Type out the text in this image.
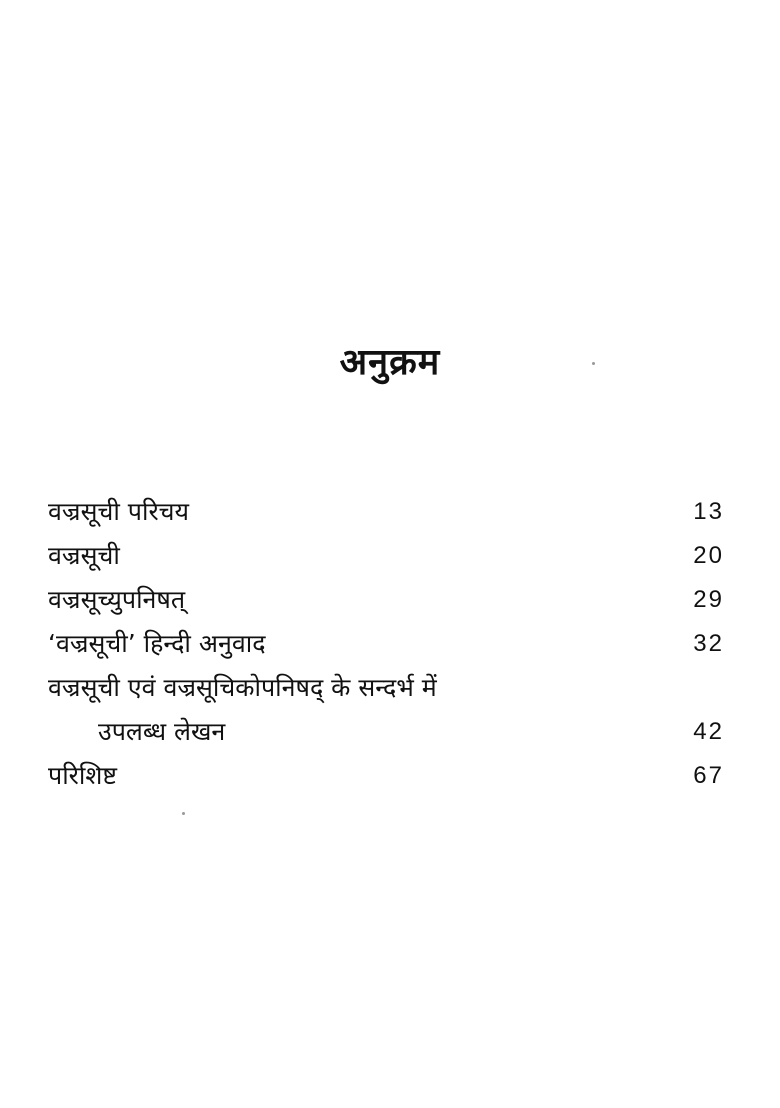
अनुक्रम
वज्रसूची परिचय	13
वज्रसूची	20
वज्रसूच्युपनिषत्	29
‘वज्रसूची’ हिन्दी अनुवाद	32
वज्रसूची एवं वज्रसूचिकोपनिषद् के सन्दर्भ में
उपलब्ध लेखन	42
परिशिष्ट	67
